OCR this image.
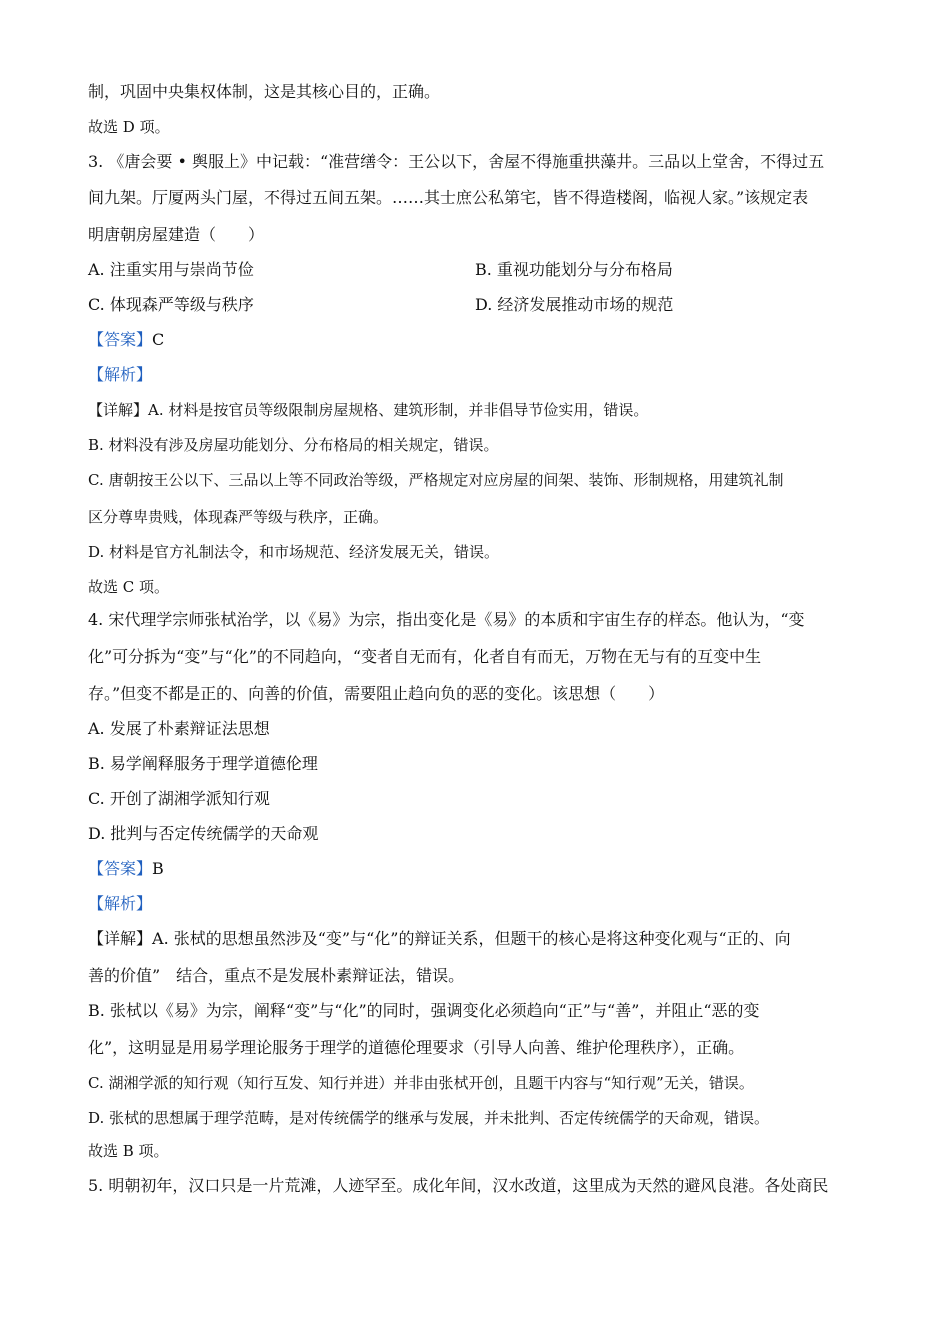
制，巩固中央集权体制，这是其核心目的，正确。
故选 D 项。
3. 《唐会要 • 舆服上》中记载：“准营缮令：王公以下，舍屋不得施重拱藻井。三品以上堂舍，不得过五
间九架。厅厦两头门屋，不得过五间五架。……其士庶公私第宅，皆不得造楼阁，临视人家。”该规定表
明唐朝房屋建造（　　）
A. 注重实用与崇尚节俭	B. 重视功能划分与分布格局
C. 体现森严等级与秩序	D. 经济发展推动市场的规范
【答案】C
【解析】
【详解】A. 材料是按官员等级限制房屋规格、建筑形制，并非倡导节俭实用，错误。
B. 材料没有涉及房屋功能划分、分布格局的相关规定，错误。
C. 唐朝按王公以下、三品以上等不同政治等级，严格规定对应房屋的间架、装饰、形制规格，用建筑礼制
区分尊卑贵贱，体现森严等级与秩序，正确。
D. 材料是官方礼制法令，和市场规范、经济发展无关，错误。
故选 C 项。
4. 宋代理学宗师张栻治学，以《易》为宗，指出变化是《易》的本质和宇宙生存的样态。他认为，“变
化”可分拆为“变”与“化”的不同趋向，“变者自无而有，化者自有而无，万物在无与有的互变中生
存。”但变不都是正的、向善的价值，需要阻止趋向负的恶的变化。该思想（　　）
A. 发展了朴素辩证法思想
B. 易学阐释服务于理学道德伦理
C. 开创了湖湘学派知行观
D. 批判与否定传统儒学的天命观
【答案】B
【解析】
【详解】A. 张栻的思想虽然涉及“变”与“化”的辩证关系，但题干的核心是将这种变化观与“正的、向
善的价值”　结合，重点不是发展朴素辩证法，错误。
B. 张栻以《易》为宗，阐释“变”与“化”的同时，强调变化必须趋向“正”与“善”，并阻止“恶的变
化”，这明显是用易学理论服务于理学的道德伦理要求（引导人向善、维护伦理秩序），正确。
C. 湖湘学派的知行观（知行互发、知行并进）并非由张栻开创，且题干内容与“知行观”无关，错误。
D. 张栻的思想属于理学范畴，是对传统儒学的继承与发展，并未批判、否定传统儒学的天命观，错误。
故选 B 项。
5. 明朝初年，汉口只是一片荒滩，人迹罕至。成化年间，汉水改道，这里成为天然的避风良港。各处商民
